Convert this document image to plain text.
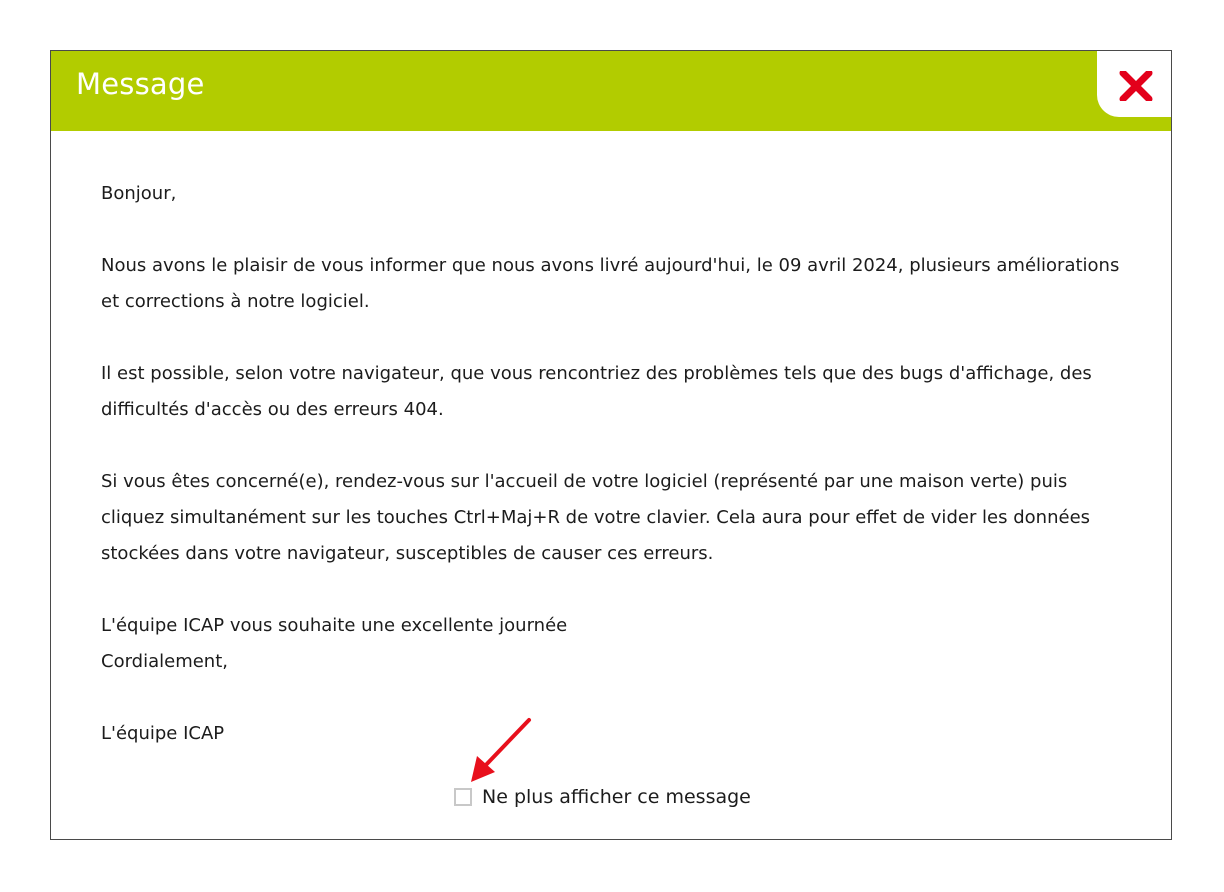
Message

Bonjour,

Nous avons le plaisir de vous informer que nous avons livré aujourd'hui, le 09 avril 2024, plusieurs améliorations et corrections à notre logiciel.

Il est possible, selon votre navigateur, que vous rencontriez des problèmes tels que des bugs d'affichage, des difficultés d'accès ou des erreurs 404.

Si vous êtes concerné(e), rendez-vous sur l'accueil de votre logiciel (représenté par une maison verte) puis cliquez simultanément sur les touches Ctrl+Maj+R de votre clavier. Cela aura pour effet de vider les données stockées dans votre navigateur, susceptibles de causer ces erreurs.

L'équipe ICAP vous souhaite une excellente journée
Cordialement,

L'équipe ICAP

Ne plus afficher ce message
